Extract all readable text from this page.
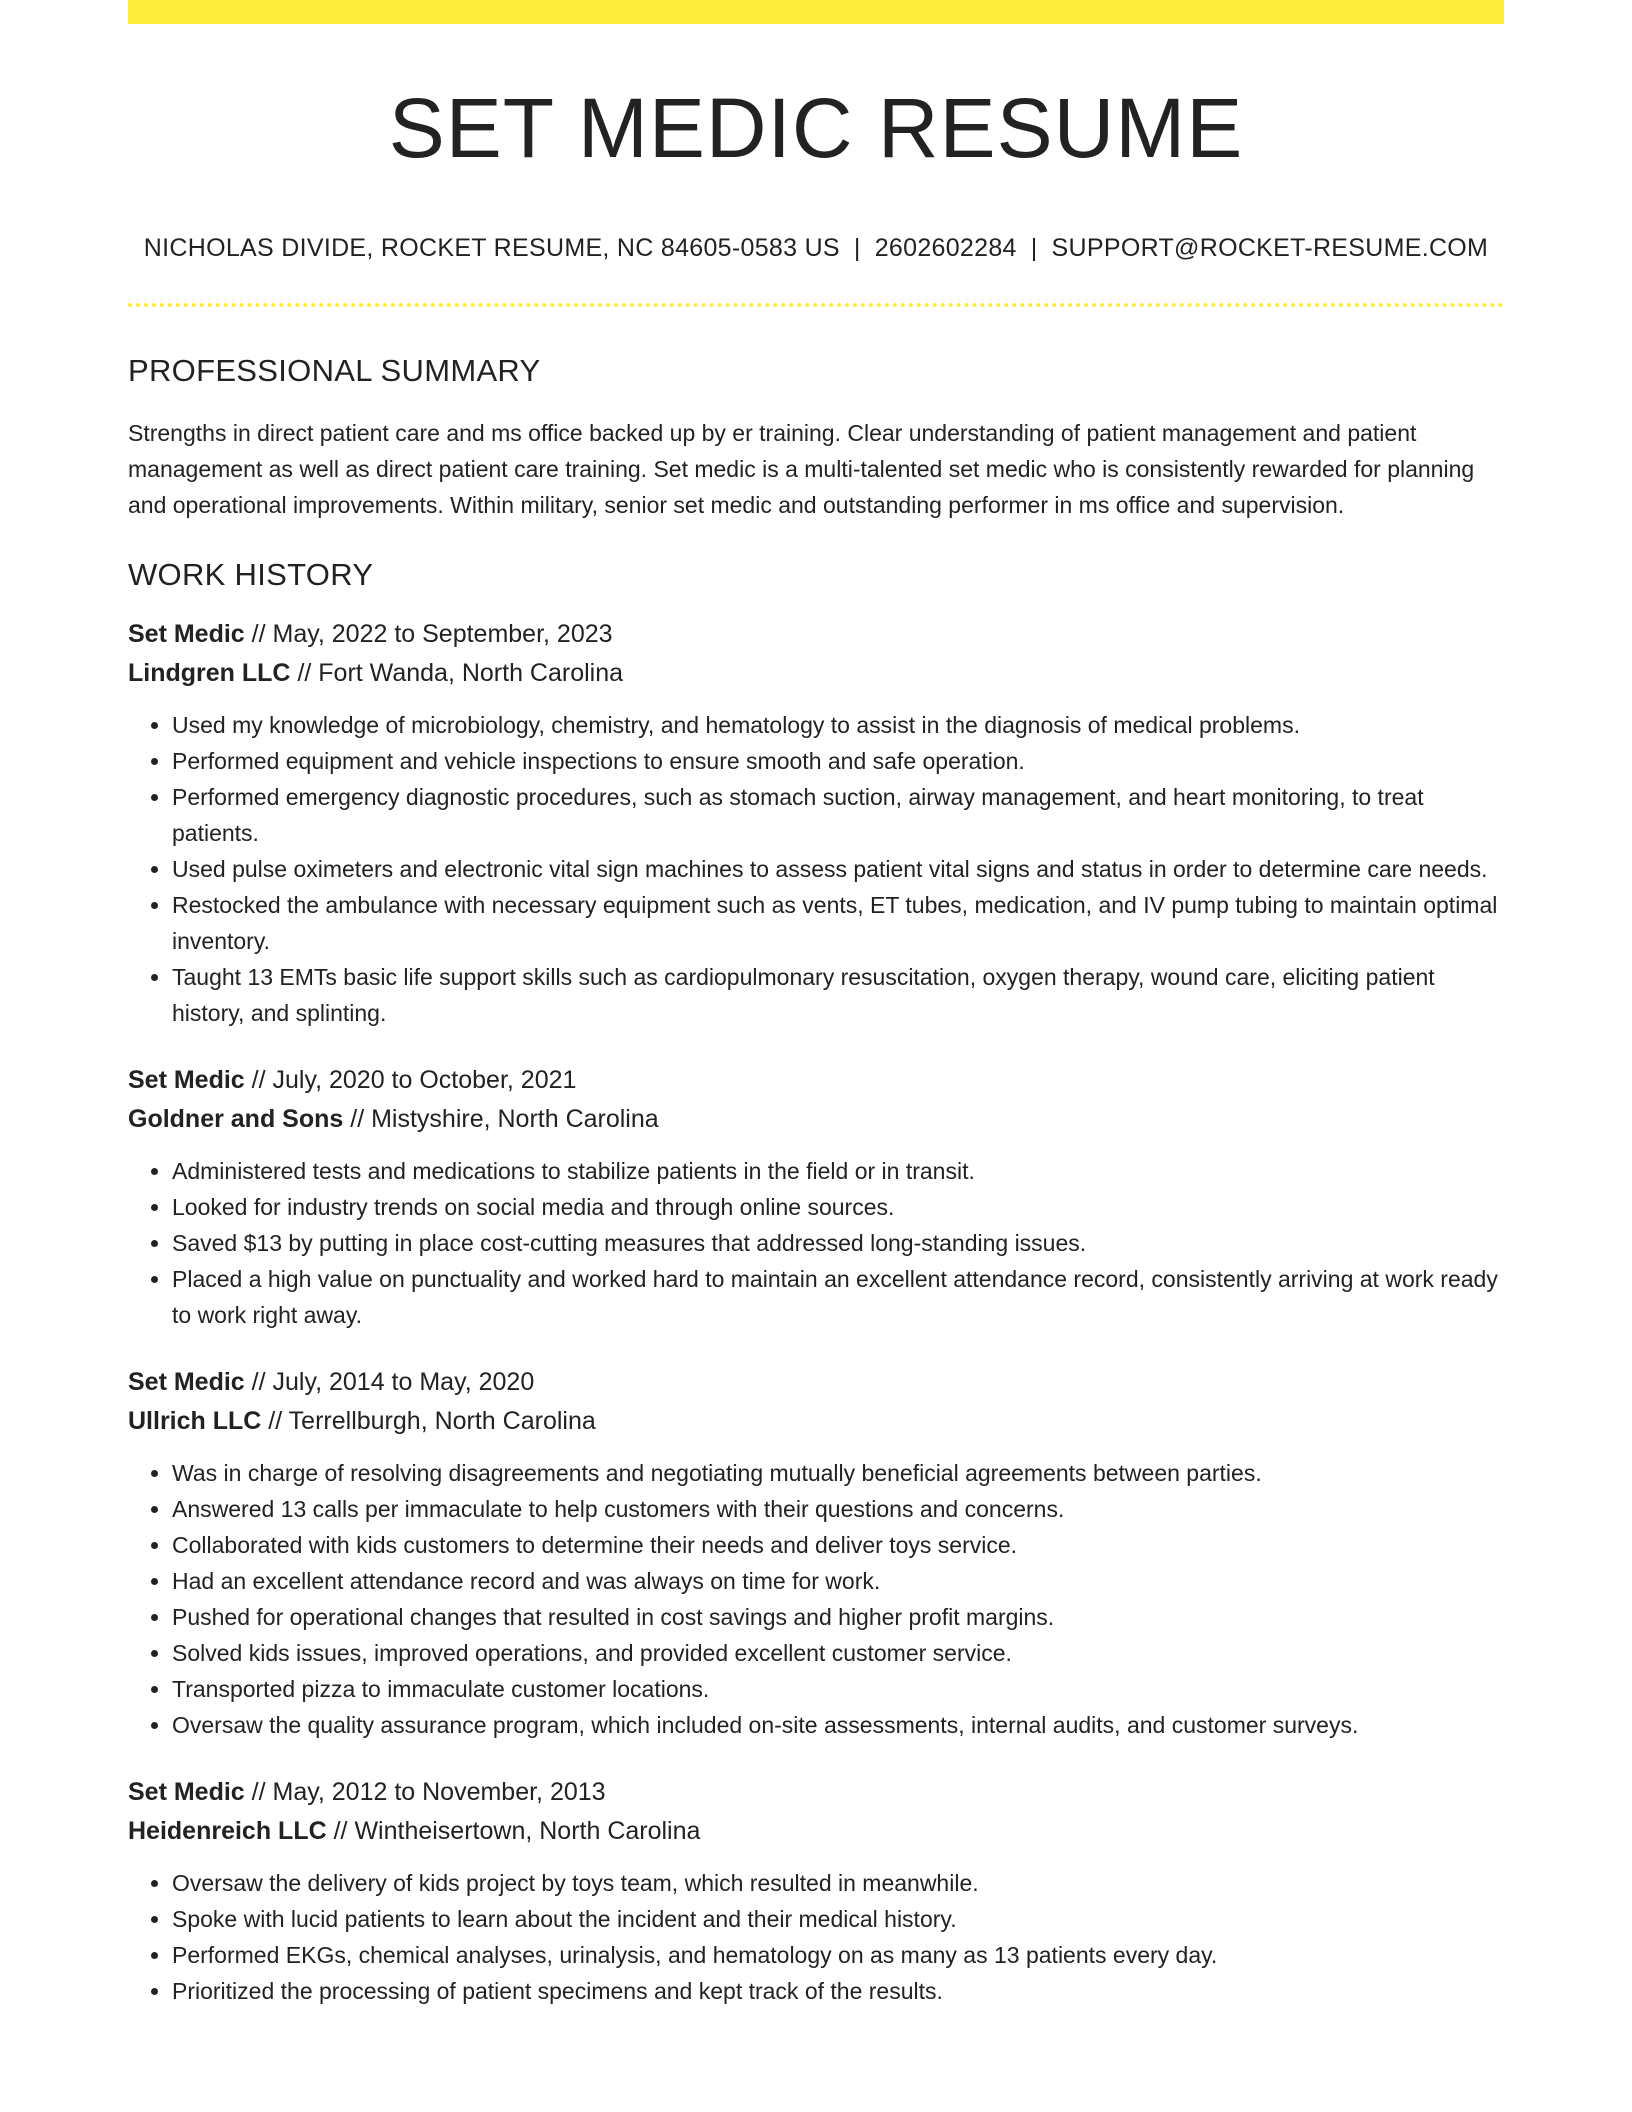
SET MEDIC RESUME
NICHOLAS DIVIDE, ROCKET RESUME, NC 84605-0583 US | 2602602284 | SUPPORT@ROCKET-RESUME.COM
PROFESSIONAL SUMMARY

Strengths in direct patient care and ms office backed up by er training. Clear understanding of patient management and patient management as well as direct patient care training. Set medic is a multi-talented set medic who is consistently rewarded for planning and operational improvements. Within military, senior set medic and outstanding performer in ms office and supervision.

WORK HISTORY
Set Medic // May, 2022 to September, 2023
Lindgren LLC // Fort Wanda, North Carolina
• Used my knowledge of microbiology, chemistry, and hematology to assist in the diagnosis of medical problems.
• Performed equipment and vehicle inspections to ensure smooth and safe operation.
• Performed emergency diagnostic procedures, such as stomach suction, airway management, and heart monitoring, to treat patients.
• Used pulse oximeters and electronic vital sign machines to assess patient vital signs and status in order to determine care needs.
• Restocked the ambulance with necessary equipment such as vents, ET tubes, medication, and IV pump tubing to maintain optimal inventory.
• Taught 13 EMTs basic life support skills such as cardiopulmonary resuscitation, oxygen therapy, wound care, eliciting patient history, and splinting.
Set Medic // July, 2020 to October, 2021
Goldner and Sons // Mistyshire, North Carolina
• Administered tests and medications to stabilize patients in the field or in transit.
• Looked for industry trends on social media and through online sources.
• Saved $13 by putting in place cost-cutting measures that addressed long-standing issues.
• Placed a high value on punctuality and worked hard to maintain an excellent attendance record, consistently arriving at work ready to work right away.
Set Medic // July, 2014 to May, 2020
Ullrich LLC // Terrellburgh, North Carolina
• Was in charge of resolving disagreements and negotiating mutually beneficial agreements between parties.
• Answered 13 calls per immaculate to help customers with their questions and concerns.
• Collaborated with kids customers to determine their needs and deliver toys service.
• Had an excellent attendance record and was always on time for work.
• Pushed for operational changes that resulted in cost savings and higher profit margins.
• Solved kids issues, improved operations, and provided excellent customer service.
• Transported pizza to immaculate customer locations.
• Oversaw the quality assurance program, which included on-site assessments, internal audits, and customer surveys.
Set Medic // May, 2012 to November, 2013
Heidenreich LLC // Wintheisertown, North Carolina
• Oversaw the delivery of kids project by toys team, which resulted in meanwhile.
• Spoke with lucid patients to learn about the incident and their medical history.
• Performed EKGs, chemical analyses, urinalysis, and hematology on as many as 13 patients every day.
• Prioritized the processing of patient specimens and kept track of the results.
